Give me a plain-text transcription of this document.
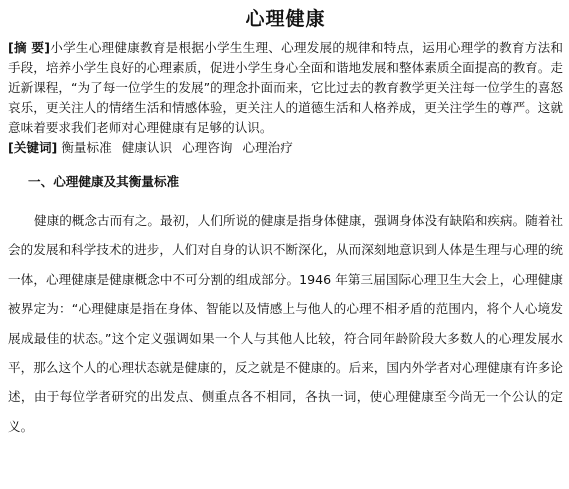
心理健康

[摘 要]小学生心理健康教育是根据小学生生理、心理发展的规律和特点，运用心理学的教育方法和手段，培养小学生良好的心理素质，促进小学生身心全面和谐地发展和整体素质全面提高的教育。走近新课程，“为了每一位学生的发展”的理念扑面而来，它比过去的教育教学更关注每一位学生的喜怒哀乐，更关注人的情绪生活和情感体验，更关注人的道德生活和人格养成，更关注学生的尊严。这就意味着要求我们老师对心理健康有足够的认识。

[关键词] 衡量标准 健康认识 心理咨询 心理治疗

一、心理健康及其衡量标准

健康的概念古而有之。最初，人们所说的健康是指身体健康，强调身体没有缺陷和疾病。随着社会的发展和科学技术的进步，人们对自身的认识不断深化，从而深刻地意识到人体是生理与心理的统一体，心理健康是健康概念中不可分割的组成部分。1946 年第三届国际心理卫生大会上，心理健康被界定为：“心理健康是指在身体、智能以及情感上与他人的心理不相矛盾的范围内，将个人心境发展成最佳的状态。”这个定义强调如果一个人与其他人比较，符合同年龄阶段大多数人的心理发展水平，那么这个人的心理状态就是健康的，反之就是不健康的。后来，国内外学者对心理健康有许多论述，由于每位学者研究的出发点、侧重点各不相同，各执一词，使心理健康至今尚无一个公认的定义。
